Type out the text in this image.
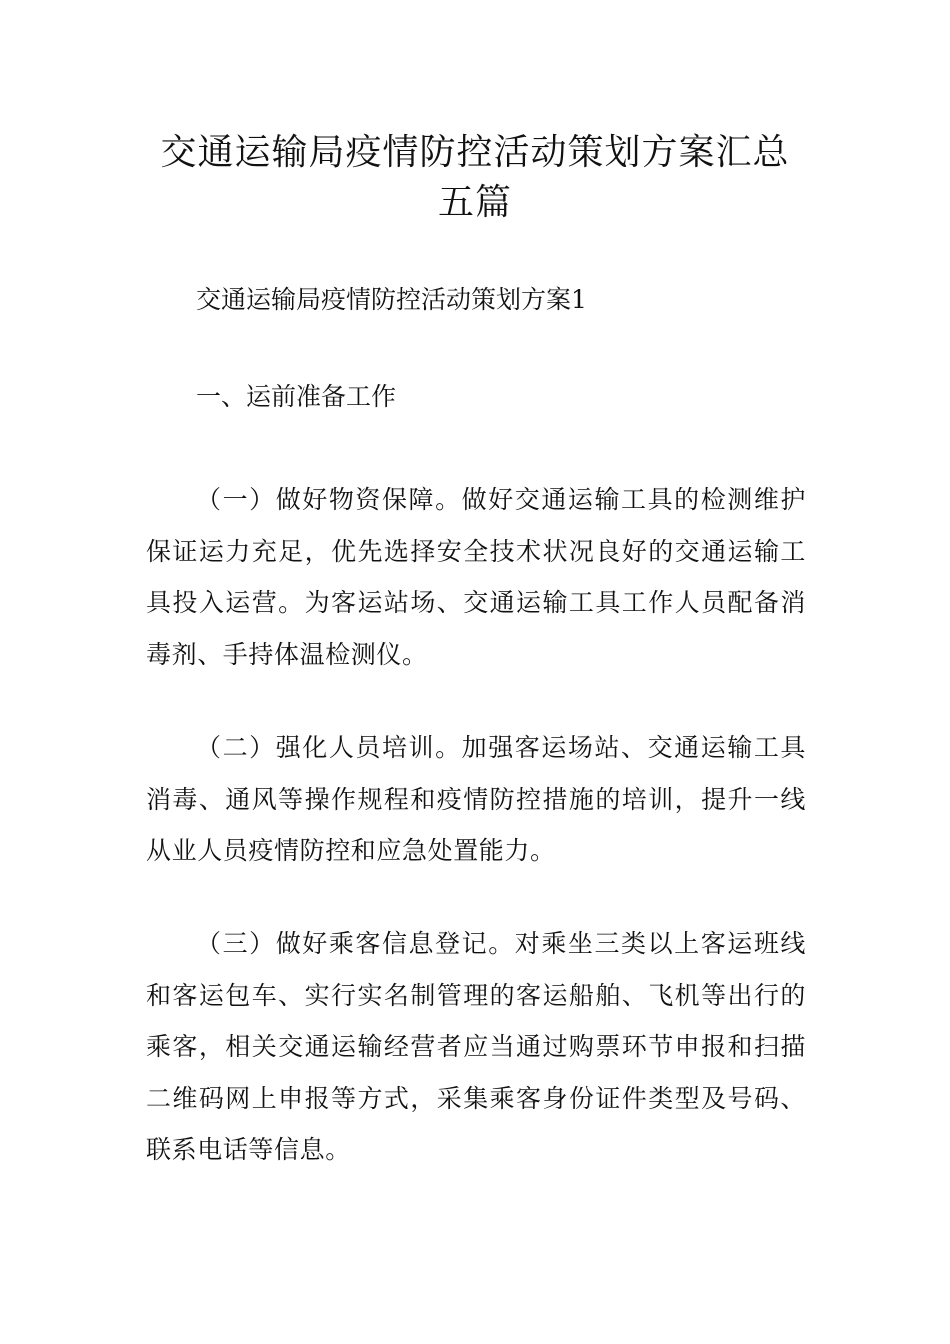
交通运输局疫情防控活动策划方案汇总五篇

交通运输局疫情防控活动策划方案1

一、运前准备工作

（一）做好物资保障。做好交通运输工具的检测维护保证运力充足，优先选择安全技术状况良好的交通运输工具投入运营。为客运站场、交通运输工具工作人员配备消毒剂、手持体温检测仪。

（二）强化人员培训。加强客运场站、交通运输工具消毒、通风等操作规程和疫情防控措施的培训，提升一线从业人员疫情防控和应急处置能力。

（三）做好乘客信息登记。对乘坐三类以上客运班线和客运包车、实行实名制管理的客运船舶、飞机等出行的乘客，相关交通运输经营者应当通过购票环节申报和扫描二维码网上申报等方式，采集乘客身份证件类型及号码、联系电话等信息。
